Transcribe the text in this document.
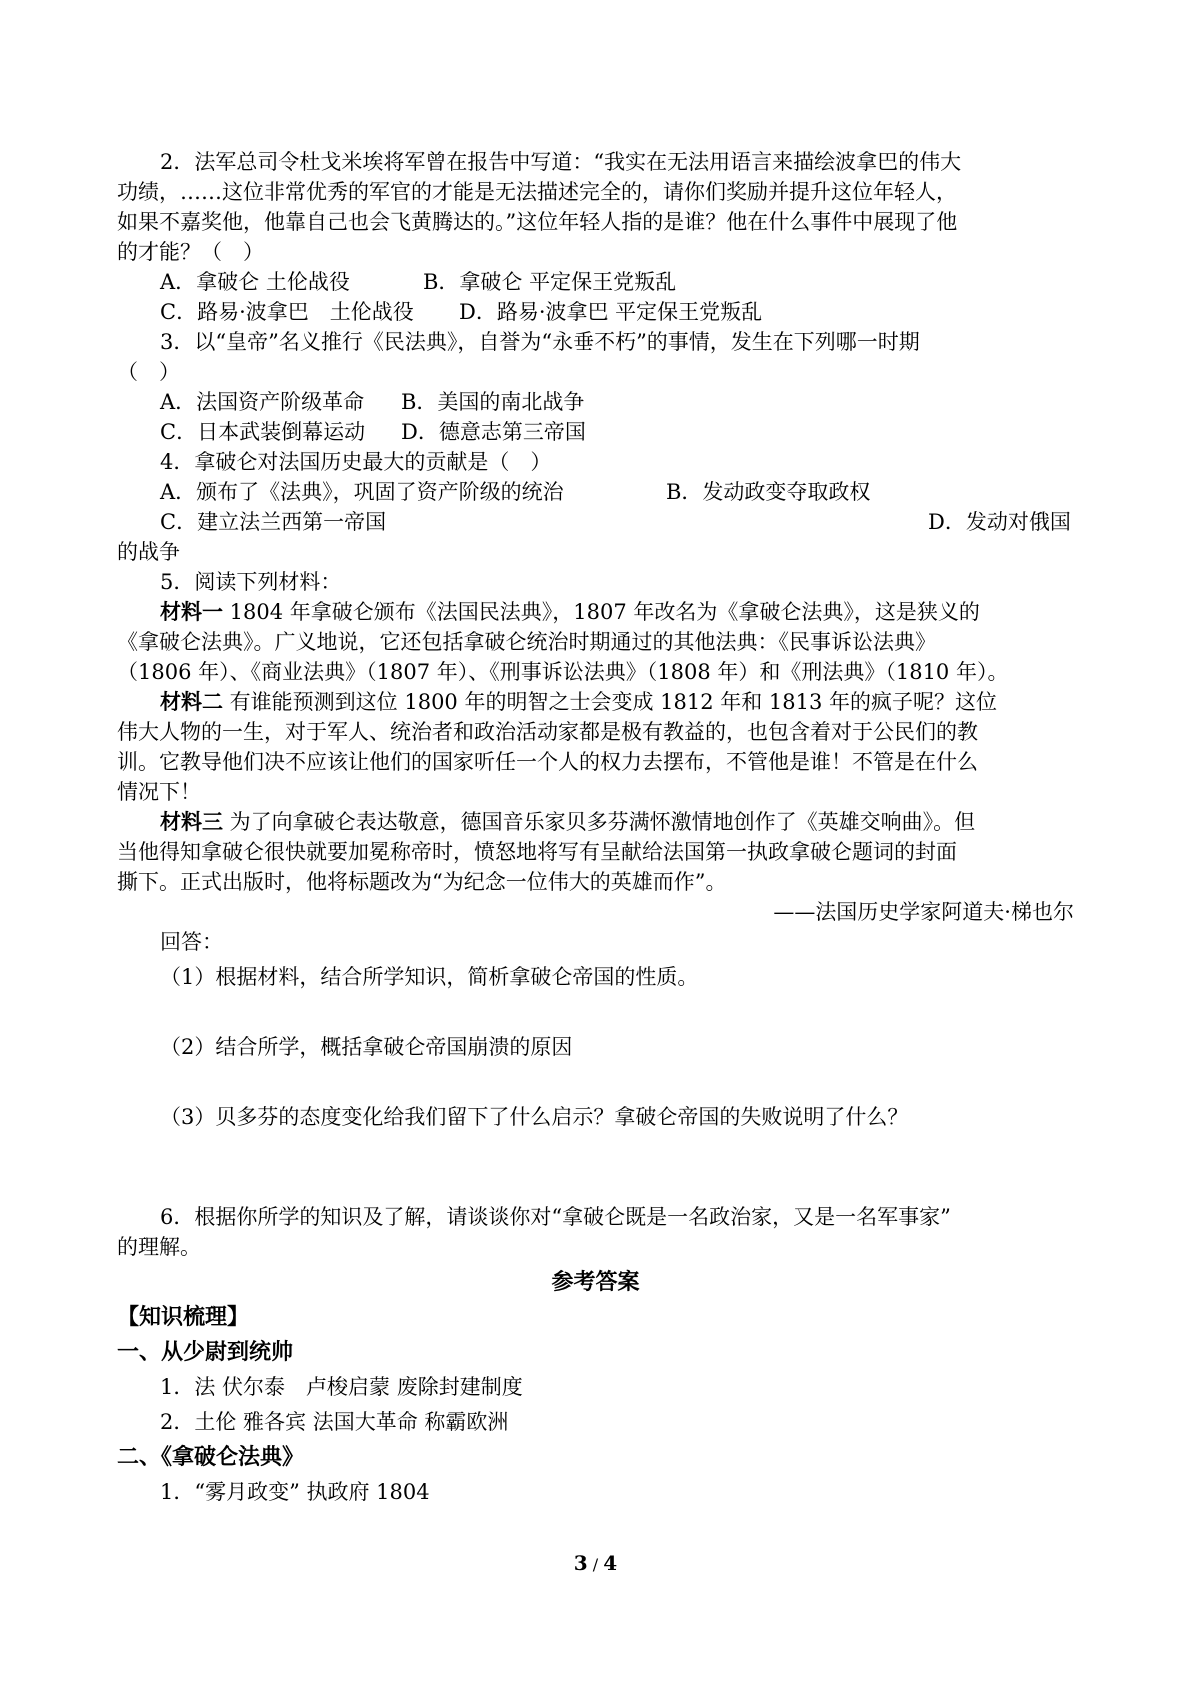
2．法军总司令杜戈米埃将军曾在报告中写道：“我实在无法用语言来描绘波拿巴的伟大
功绩，……这位非常优秀的军官的才能是无法描述完全的，请你们奖励并提升这位年轻人，
如果不嘉奖他，他靠自己也会飞黄腾达的。”这位年轻人指的是谁？他在什么事件中展现了他
的才能？（　）
A．拿破仑 土伦战役	B．拿破仑 平定保王党叛乱
C．路易·波拿巴　土伦战役 D．路易·波拿巴 平定保王党叛乱
3．以“皇帝”名义推行《民法典》，自誉为“永垂不朽”的事情，发生在下列哪一时期
（　）
A．法国资产阶级革命 B．美国的南北战争
C．日本武装倒幕运动 D．德意志第三帝国
4．拿破仑对法国历史最大的贡献是（　）
A．颁布了《法典》，巩固了资产阶级的统治	B．发动政变夺取政权
C．建立法兰西第一帝国	D．发动对俄国
的战争
5．阅读下列材料：
材料一 1804 年拿破仑颁布《法国民法典》，1807 年改名为《拿破仑法典》，这是狭义的
《拿破仑法典》。广义地说，它还包括拿破仑统治时期通过的其他法典：《民事诉讼法典》
（1806 年）、《商业法典》（1807 年）、《刑事诉讼法典》（1808 年）和《刑法典》（1810 年）。
材料二 有谁能预测到这位 1800 年的明智之士会变成 1812 年和 1813 年的疯子呢？这位
伟大人物的一生，对于军人、统治者和政治活动家都是极有教益的，也包含着对于公民们的教
训。它教导他们决不应该让他们的国家听任一个人的权力去摆布，不管他是谁！不管是在什么
情况下！
材料三 为了向拿破仑表达敬意，德国音乐家贝多芬满怀激情地创作了《英雄交响曲》。但
当他得知拿破仑很快就要加冕称帝时，愤怒地将写有呈献给法国第一执政拿破仑题词的封面
撕下。正式出版时，他将标题改为“为纪念一位伟大的英雄而作”。
——法国历史学家阿道夫·梯也尔
回答：
（1）根据材料，结合所学知识，简析拿破仑帝国的性质。
（2）结合所学，概括拿破仑帝国崩溃的原因
（3）贝多芬的态度变化给我们留下了什么启示？拿破仑帝国的失败说明了什么？
6．根据你所学的知识及了解，请谈谈你对“拿破仑既是一名政治家，又是一名军事家”
的理解。
参考答案
【知识梳理】
一、从少尉到统帅
1．法 伏尔泰　卢梭启蒙 废除封建制度
2．土伦 雅各宾 法国大革命 称霸欧洲
二、《拿破仑法典》
1．“雾月政变” 执政府 1804
3 / 4
